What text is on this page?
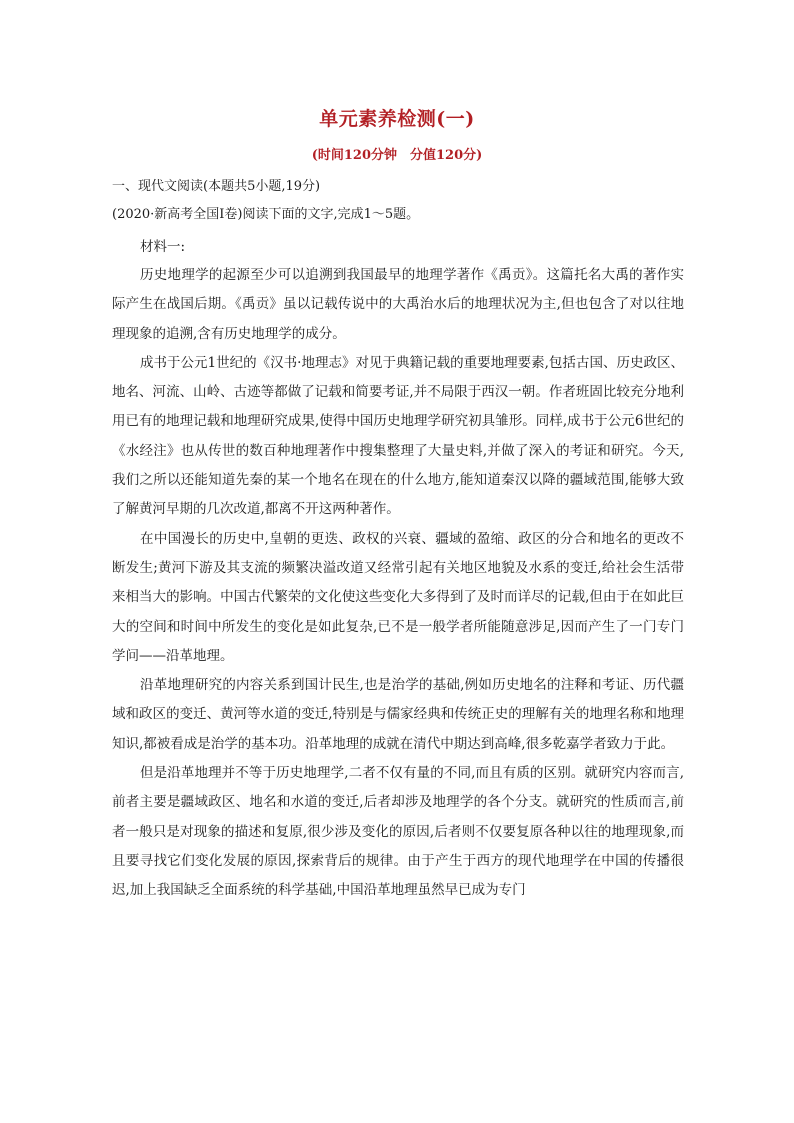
单元素养检测(一)
(时间120分钟　分值120分)
一、现代文阅读(本题共5小题,19分)
(2020·新高考全国Ⅰ卷)阅读下面的文字,完成1～5题。
材料一:

历史地理学的起源至少可以追溯到我国最早的地理学著作《禹贡》。这篇托名大禹的著作实际产生在战国后期。《禹贡》虽以记载传说中的大禹治水后的地理状况为主,但也包含了对以往地理现象的追溯,含有历史地理学的成分。

成书于公元1世纪的《汉书·地理志》对见于典籍记载的重要地理要素,包括古国、历史政区、地名、河流、山岭、古迹等都做了记载和简要考证,并不局限于西汉一朝。作者班固比较充分地利用已有的地理记载和地理研究成果,使得中国历史地理学研究初具雏形。同样,成书于公元6世纪的《水经注》也从传世的数百种地理著作中搜集整理了大量史料,并做了深入的考证和研究。今天,我们之所以还能知道先秦的某一个地名在现在的什么地方,能知道秦汉以降的疆域范围,能够大致了解黄河早期的几次改道,都离不开这两种著作。

在中国漫长的历史中,皇朝的更迭、政权的兴衰、疆域的盈缩、政区的分合和地名的更改不断发生;黄河下游及其支流的频繁决溢改道又经常引起有关地区地貌及水系的变迁,给社会生活带来相当大的影响。中国古代繁荣的文化使这些变化大多得到了及时而详尽的记载,但由于在如此巨大的空间和时间中所发生的变化是如此复杂,已不是一般学者所能随意涉足,因而产生了一门专门学问——沿革地理。

沿革地理研究的内容关系到国计民生,也是治学的基础,例如历史地名的注释和考证、历代疆域和政区的变迁、黄河等水道的变迁,特别是与儒家经典和传统正史的理解有关的地理名称和地理知识,都被看成是治学的基本功。沿革地理的成就在清代中期达到高峰,很多乾嘉学者致力于此。

但是沿革地理并不等于历史地理学,二者不仅有量的不同,而且有质的区别。就研究内容而言,前者主要是疆域政区、地名和水道的变迁,后者却涉及地理学的各个分支。就研究的性质而言,前者一般只是对现象的描述和复原,很少涉及变化的原因,后者则不仅要复原各种以往的地理现象,而且要寻找它们变化发展的原因,探索背后的规律。由于产生于西方的现代地理学在中国的传播很迟,加上我国缺乏全面系统的科学基础,中国沿革地理虽然早已成为专门
